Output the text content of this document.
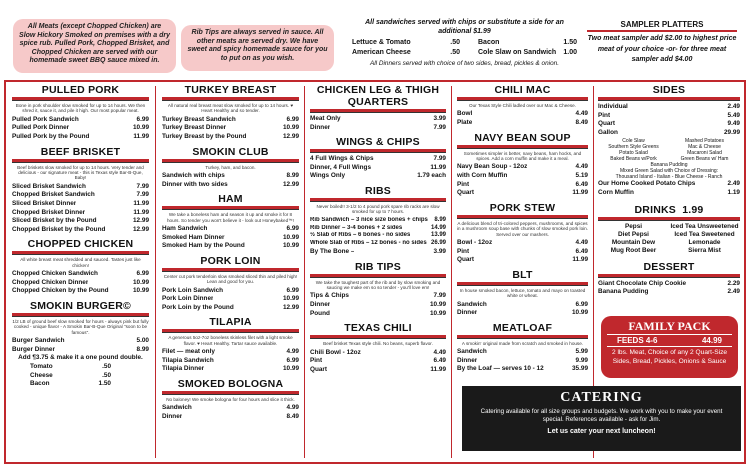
All Meats (except Chopped Chicken) are Slow Hickory Smoked on premises with a dry spice rub. Pulled Pork, Chopped Brisket, and Chopped Chicken are served with our homemade sweet BBQ sauce mixed in.
Rib Tips are always served in sauce. All other meats are served dry. We have sweet and spicy homemade sauce for you to put on as you wish.
All sandwiches served with chips or substitute a side for an additional $1.99
Lettuce & Tomato	.50	Bacon	1.50
American Cheese	.50	Cole Slaw on Sandwich 1.00
All Dinners served with choice of two sides, bread, pickles & onion.
SAMPLER PLATTERS
Two meat sampler add $2.00 to highest price meat of your choice -or- for three meat sampler add $4.00
PULLED PORK
Bone in pork shoulder slow smoked for up to 14 hours. We then shred it, sauce it, and pile it high. Our most popular meat.
Pulled Pork Sandwich	6.99
Pulled Pork Dinner	10.99
Pulled Pork by the Pound	11.99
BEEF BRISKET
Beef briskets slow smoked for up to 14 hours. Very tender and delicious - our signature meat - this is Texas style Bar-B-Que, Baby!
Sliced Brisket Sandwich	7.99
Chopped Brisket Sandwich	7.99
Sliced Brisket Dinner	11.99
Chopped Brisket Dinner	11.99
Sliced Brisket by the Pound	12.99
Chopped Brisket by the Pound	12.99
CHOPPED CHICKEN
All white breast meat shredded and sauced. Tastes just like chicken!
Chopped Chicken Sandwich	6.99
Chopped Chicken Dinner	10.99
Chopped Chicken by the Pound	10.99
SMOKIN BURGER©
1/2 LB of ground beef slow smoked for hours - always pink but fully cooked - unique flavor - A Smokin Bar-B-Que Original "soon to be famous".
Burger Sandwich	5.00
Burger Dinner	8.99
Add ¶3.75 & make it a one pound double.
Tomato	.50
Cheese	.50
Bacon	1.50
TURKEY BREAST
All natural real breast meat slow smoked for up to 14 hours. ♥ Heart Healthy and so tender.
Turkey Breast Sandwich	6.99
Turkey Breast Dinner	10.99
Turkey Breast by the Pound	12.99
SMOKIN CLUB
Turkey, ham, and bacon.
Sandwich with chips	8.99
Dinner with two sides	12.99
HAM
We take a boneless ham and season it up and smoke it for 8 hours. So tender you won't believe it - look out Honeybaked™!
Ham Sandwich	6.99
Smoked Ham Dinner	10.99
Smoked Ham by the Pound	10.99
PORK LOIN
Center cut pork tenderloin slow smoked sliced thin and piled high! Lean and good for you.
Pork Loin Sandwich	6.99
Pork Loin Dinner	10.99
Pork Loin by the Pound	12.99
TILAPIA
A generous 5oz-7oz boneless skinless filet with a light smoke flavor. ♥ Heart Healthy. Tartar sauce available.
Filet — meat only	4.99
Tilapia Sandwich	6.99
Tilapia Dinner	10.99
SMOKED BOLOGNA
No baloney! We smoke bologna for four hours and slice it thick.
Sandwich	4.99
Dinner	8.49
CHICKEN LEG & THIGH QUARTERS
Meat Only	3.99
Dinner	7.99
WINGS & CHIPS
4 Full Wings & Chips	7.99
Dinner, 4 Full Wings	11.99
Wings Only	1.79 each
RIBS
Never boiled!! 3-1/2 to 4 pound pork spare rib racks are slow smoked for up to 7 hours.
Rib Sandwich – 3 nice size bones + chips 8.99
Rib Dinner – 3-4 bones + 2 sides	14.99
½ Slab of Ribs – 6 bones - no sides	13.99
Whole Slab of Ribs – 12 bones - no sides 26.99
By The Bone –	3.99
RIB TIPS
We take the toughest part of the rib and by slow smoking and saucing we make em so so tender - you'll love em!
Tips & Chips	7.99
Dinner	10.99
Pound	10.99
TEXAS CHILI
Beef brisket Texas style chili. No beans, superb flavor.
Chili Bowl - 12oz	4.49
Pint	6.49
Quart	11.99
CHILI MAC
Our Texas Style Chili ladled over our Mac & Cheese.
Bowl	4.49
Plate	8.49
NAVY BEAN SOUP
Sometimes simpler is better, navy beans, ham hocks, and spices. Add a corn muffin and make it a meal.
Navy Bean Soup - 12oz	4.49
with Corn Muffin	5.19
Pint	6.49
Quart	11.99
PORK STEW
A delicious blend of tri-colored peppers, mushrooms, and spices in a mushroom soup base with chunks of slow smoked pork loin. Served over our mashers.
Bowl - 12oz	4.49
Pint	6.49
Quart	11.99
BLT
In house smoked bacon, lettuce, tomato and mayo on toasted white or wheat.
Sandwich	6.99
Dinner	10.99
MEATLOAF
A smokin' original made from scratch and smoked in house.
Sandwich	5.99
Dinner	9.99
By the Loaf — serves 10 - 12	35.99
SIDES
Individual	2.49
Pint	5.49
Quart	9.49
Gallon	29.99
Cole Slaw	Mashed Potatoes
Southern Style Greens	Mac & Cheese
Potato Salad	Macaroni Salad
Baked Beans w/Pork	Green Beans w/ Ham
Banana Pudding
Mixed Green Salad with Choice of Dressing:
Thousand Island - Italian - Blue Cheese - Ranch
Our Home Cooked Potato Chips	2.49
Corn Muffin	1.19
DRINKS 1.99
Pepsi	Iced Tea Unsweetened
Diet Pepsi	Iced Tea Sweetened
Mountain Dew	Lemonade
Mug Root Beer	Sierra Mist
DESSERT
Giant Chocolate Chip Cookie	2.29
Banana Pudding	2.49
FAMILY PACK
FEEDS 4-6	44.99
2 lbs. Meat, Choice of any 2 Quart-Size Sides, Bread, Pickles, Onions & Sauce
CATERING
Catering available for all size groups and budgets. We work with you to make your event special. References available - ask for Jim.
Let us cater your next luncheon!
